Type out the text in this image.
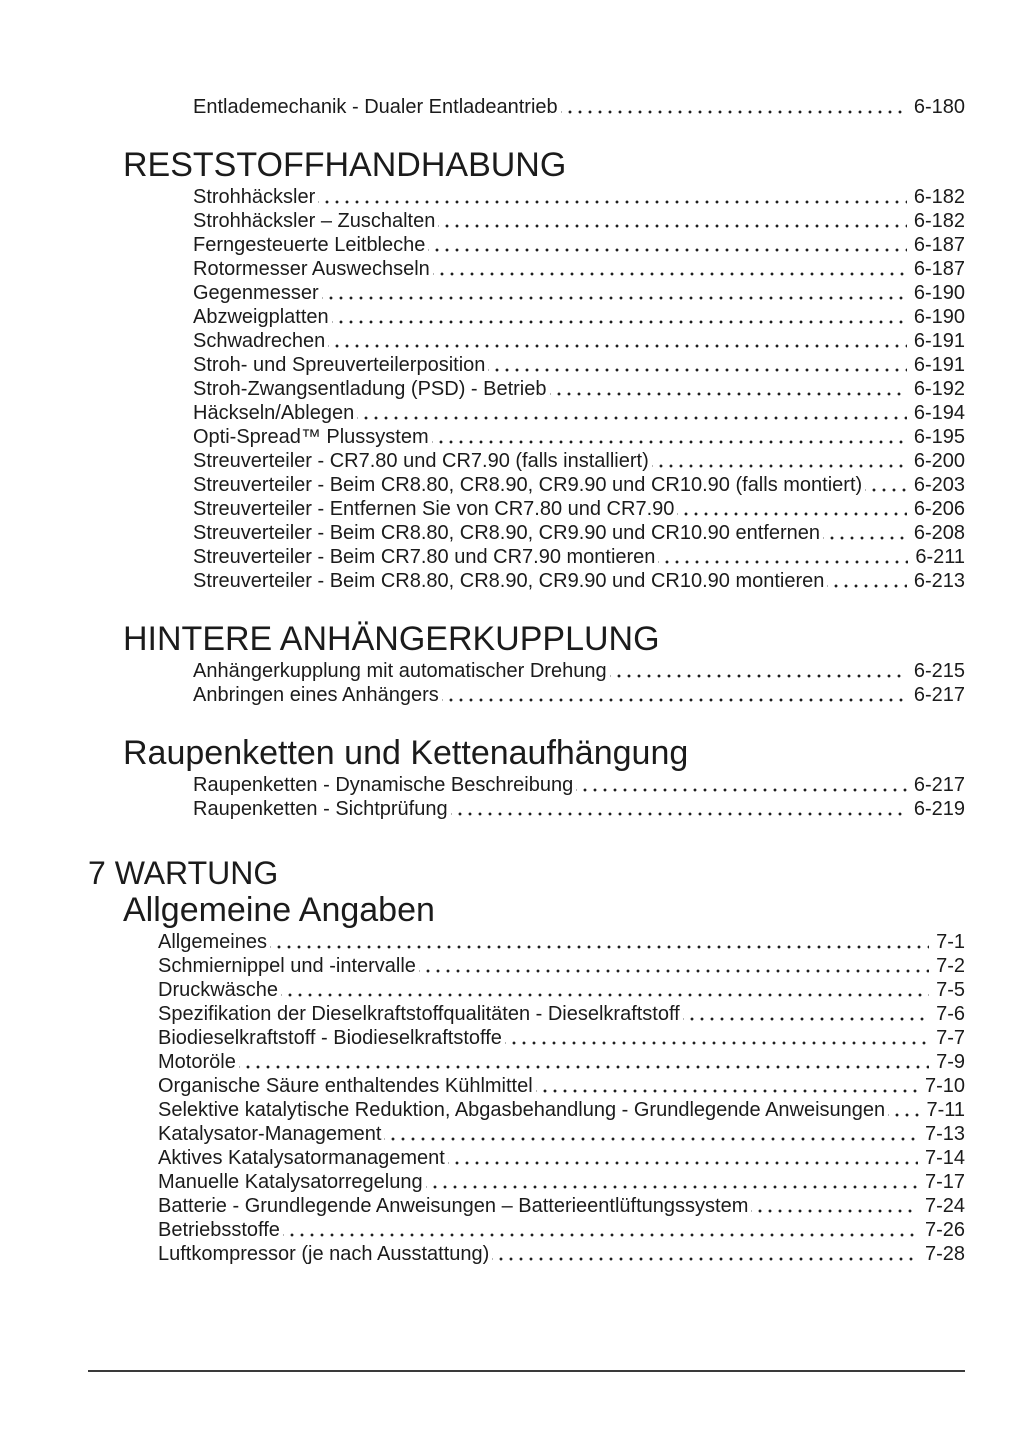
Entlademechanik - Dualer Entladeantrieb	6-180
RESTSTOFFHANDHABUNG
Strohhäcksler	6-182
Strohhäcksler – Zuschalten	6-182
Ferngesteuerte Leitbleche	6-187
Rotormesser Auswechseln	6-187
Gegenmesser	6-190
Abzweigplatten	6-190
Schwadrechen	6-191
Stroh- und Spreuverteilerposition	6-191
Stroh-Zwangsentladung (PSD) - Betrieb	6-192
Häckseln/Ablegen	6-194
Opti-Spread™ Plussystem	6-195
Streuverteiler - CR7.80 und CR7.90 (falls installiert)	6-200
Streuverteiler - Beim CR8.80, CR8.90, CR9.90 und CR10.90 (falls montiert)	6-203
Streuverteiler - Entfernen Sie von CR7.80 und CR7.90	6-206
Streuverteiler - Beim CR8.80, CR8.90, CR9.90 und CR10.90 entfernen	6-208
Streuverteiler - Beim CR7.80 und CR7.90 montieren	6-211
Streuverteiler - Beim CR8.80, CR8.90, CR9.90 und CR10.90 montieren	6-213
HINTERE ANHÄNGERKUPPLUNG
Anhängerkupplung mit automatischer Drehung	6-215
Anbringen eines Anhängers	6-217
Raupenketten und Kettenaufhängung
Raupenketten - Dynamische Beschreibung	6-217
Raupenketten - Sichtprüfung	6-219
7 WARTUNG
Allgemeine Angaben
Allgemeines	7-1
Schmiernippel und -intervalle	7-2
Druckwäsche	7-5
Spezifikation der Dieselkraftstoffqualitäten - Dieselkraftstoff	7-6
Biodieselkraftstoff - Biodieselkraftstoffe	7-7
Motoröle	7-9
Organische Säure enthaltendes Kühlmittel	7-10
Selektive katalytische Reduktion, Abgasbehandlung - Grundlegende Anweisungen 7-11
Katalysator-Management	7-13
Aktives Katalysatormanagement	7-14
Manuelle Katalysatorregelung	7-17
Batterie - Grundlegende Anweisungen – Batterieentlüftungssystem	7-24
Betriebsstoffe	7-26
Luftkompressor (je nach Ausstattung)	7-28
